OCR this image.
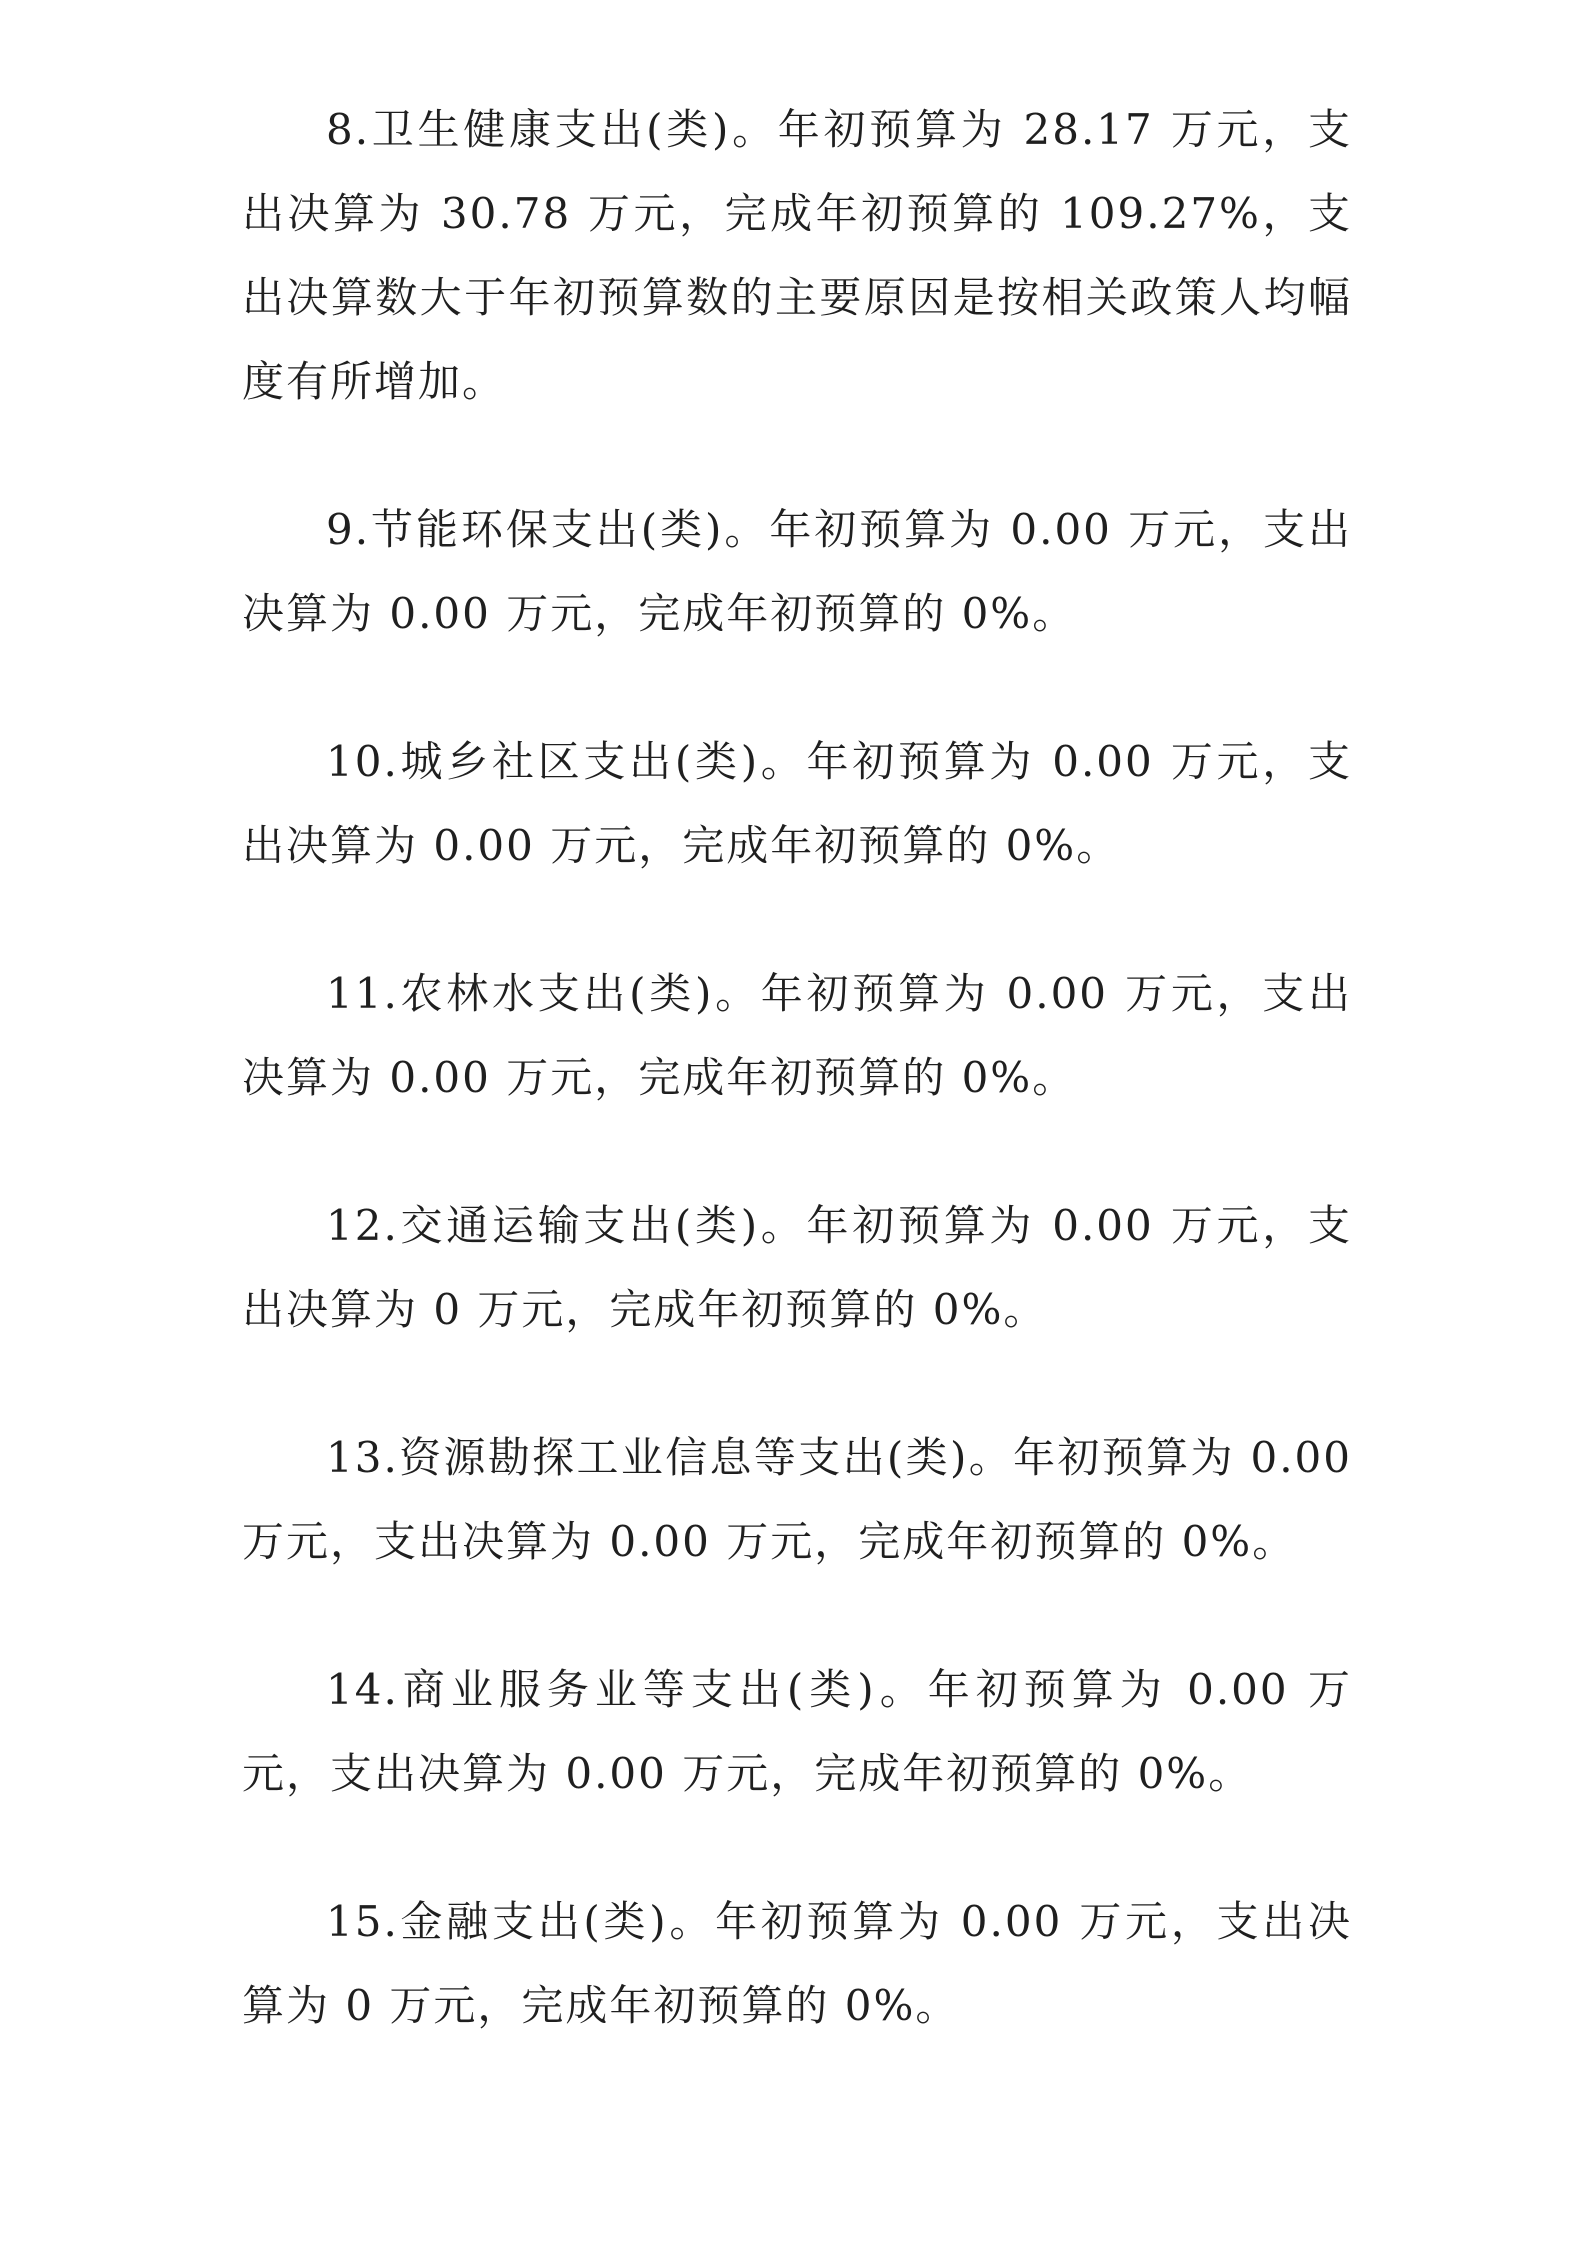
8.卫生健康支出(类)。年初预算为 28.17 万元，支出决算为 30.78 万元，完成年初预算的 109.27%，支出决算数大于年初预算数的主要原因是按相关政策人均幅度有所增加。

9.节能环保支出(类)。年初预算为 0.00 万元，支出决算为 0.00 万元，完成年初预算的 0%。

10.城乡社区支出(类)。年初预算为 0.00 万元，支出决算为 0.00 万元，完成年初预算的 0%。

11.农林水支出(类)。年初预算为 0.00 万元，支出决算为 0.00 万元，完成年初预算的 0%。

12.交通运输支出(类)。年初预算为 0.00 万元，支出决算为 0 万元，完成年初预算的 0%。

13.资源勘探工业信息等支出(类)。年初预算为 0.00 万元，支出决算为 0.00 万元，完成年初预算的 0%。

14.商业服务业等支出(类)。年初预算为 0.00 万元，支出决算为 0.00 万元，完成年初预算的 0%。

15.金融支出(类)。年初预算为 0.00 万元，支出决算为 0 万元，完成年初预算的 0%。
